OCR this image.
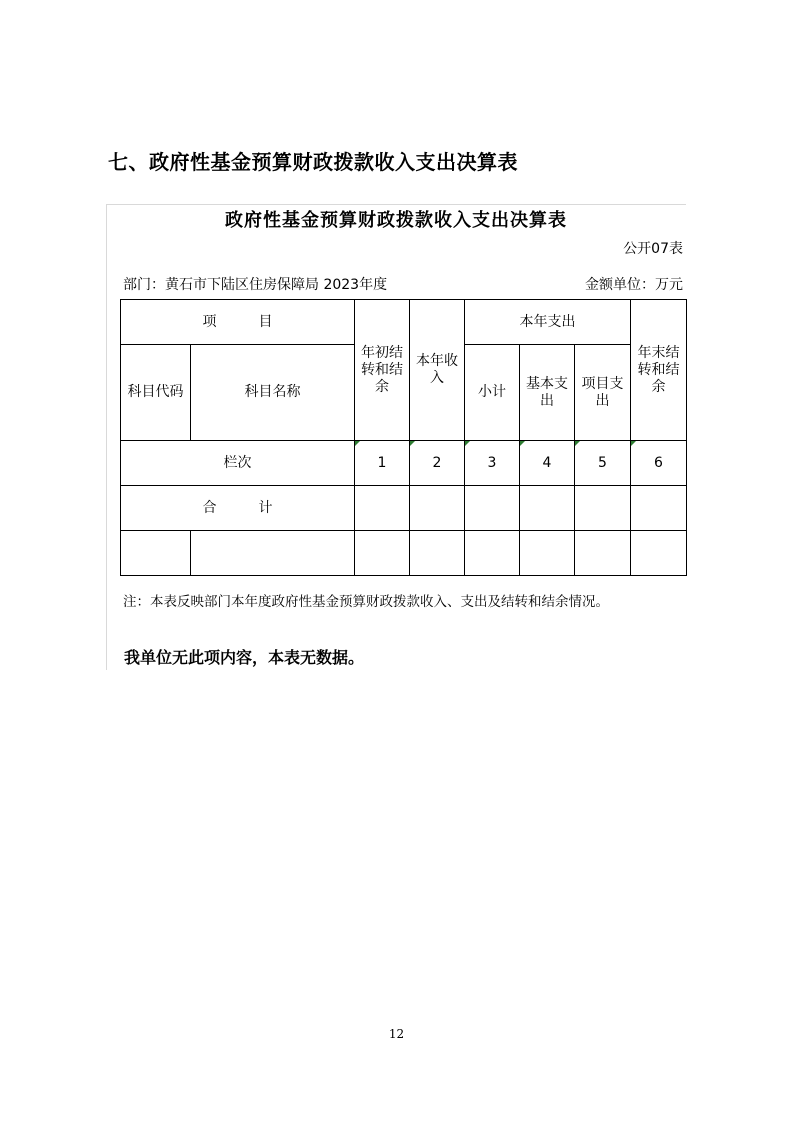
七、政府性基金预算财政拨款收入支出决算表
政府性基金预算财政拨款收入支出决算表
公开07表
部门：黄石市下陆区住房保障局 2023年度	金额单位：万元
项　　　目		年初结转和结余	本年收入	本年支出			年末结转和结余
科目代码	科目名称			小计	基本支出	项目支出	
栏次		1	2	3	4	5	6
合　　　计							

注：本表反映部门本年度政府性基金预算财政拨款收入、支出及结转和结余情况。
我单位无此项内容，本表无数据。
12
